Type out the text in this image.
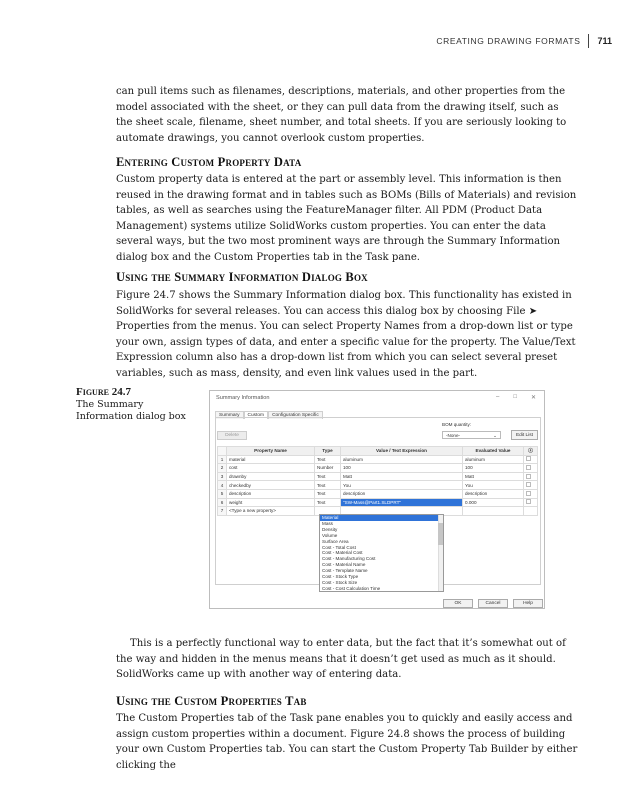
CREATING DRAWING FORMATS	711

can pull items such as filenames, descriptions, materials, and other properties from the model associated with the sheet, or they can pull data from the drawing itself, such as the sheet scale, filename, sheet number, and total sheets. If you are seriously looking to automate drawings, you cannot overlook custom properties.

Entering Custom Property Data

Custom property data is entered at the part or assembly level. This information is then reused in the drawing format and in tables such as BOMs (Bills of Materials) and revision tables, as well as searches using the FeatureManager filter. All PDM (Product Data Management) systems utilize SolidWorks custom properties. You can enter the data several ways, but the two most prominent ways are through the Summary Information dialog box and the Custom Properties tab in the Task pane.

Using the Summary Information Dialog Box

Figure 24.7 shows the Summary Information dialog box. This functionality has existed in SolidWorks for several releases. You can access this dialog box by choosing File ➤ Properties from the menus. You can select Property Names from a drop-down list or type your own, assign types of data, and enter a specific value for the property. The Value/Text Expression column also has a drop-down list from which you can select several preset variables, such as mass, density, and even link values used in the part.

Figure 24.7
The Summary Information dialog box
Summary Information	– □ ✕
Summary	Custom	Configuration Specific
Delete
BOM quantity:
-None-	⌄	Edit List
	Property Name	Type	Value / Text Expression	Evaluated Value	ⓢ
1	material	Text	aluminum	aluminum	
2	cost	Number	100	100	
3	drawnby	Text	Matt	Matt	
4	checkedby	Text	You	You	
5	description	Text	description	description	
6	weight	Text	"SW-Mass@Part1.SLDPRT"	0.000	
7	<Type a new property>				
Material
Mass
Density
Volume
Surface Area
Cost - Total Cost
Cost - Material Cost
Cost - Manufacturing Cost
Cost - Material Name
Cost - Template Name
Cost - Stock Type
Cost - Stock Size
Cost - Cost Calculation Time
OK	Cancel	Help

This is a perfectly functional way to enter data, but the fact that it’s somewhat out of the way and hidden in the menus means that it doesn’t get used as much as it should. SolidWorks came up with another way of entering data.

Using the Custom Properties Tab

The Custom Properties tab of the Task pane enables you to quickly and easily access and assign custom properties within a document. Figure 24.8 shows the process of building your own Custom Properties tab. You can start the Custom Property Tab Builder by either clicking the
